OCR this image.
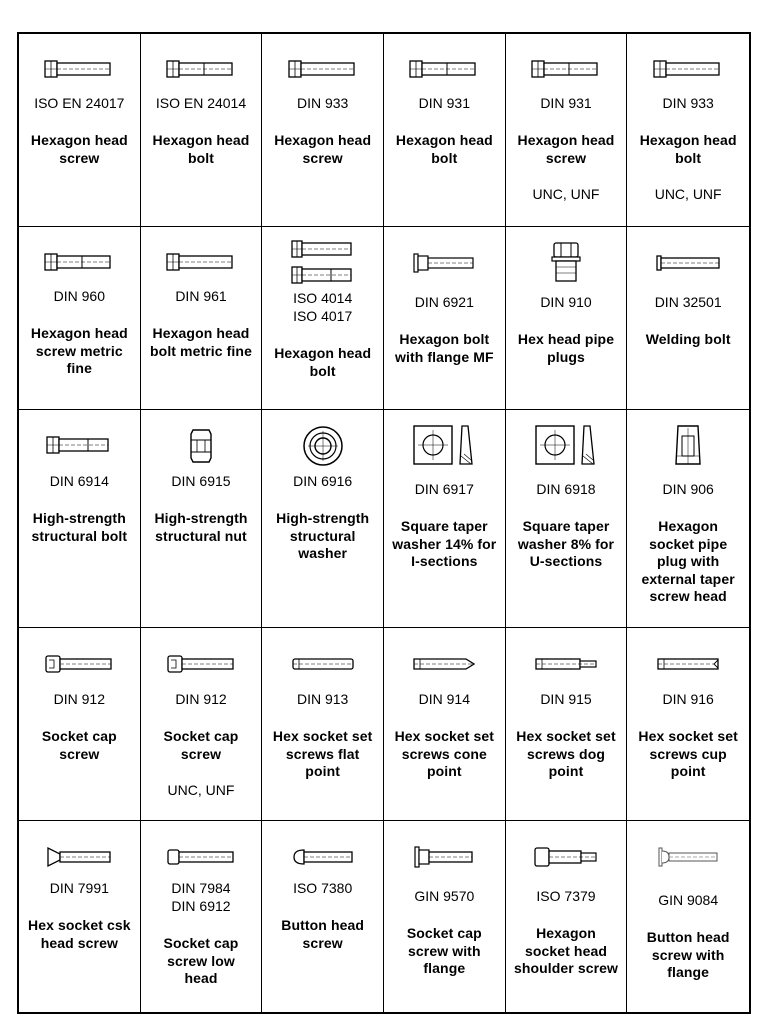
ISO EN 24017
Hexagon head
screw
ISO EN 24014
Hexagon head
bolt
DIN 933
Hexagon head
screw
DIN 931
Hexagon head
bolt
DIN 931
Hexagon head
screw
UNC, UNF
DIN 933
Hexagon head
bolt
UNC, UNF
DIN 960
Hexagon head
screw metric
fine
DIN 961
Hexagon head
bolt metric fine
ISO 4014
ISO 4017
Hexagon head
bolt
DIN 6921
Hexagon bolt
with flange MF
DIN 910
Hex head pipe
plugs
DIN 32501
Welding bolt
DIN 6914
High-strength
structural bolt
DIN 6915
High-strength
structural nut
DIN 6916
High-strength
structural
washer
DIN 6917
Square taper
washer 14% for
I-sections
DIN 6918
Square taper
washer 8% for
U-sections
DIN 906
Hexagon
socket pipe
plug with
external taper
screw head
DIN 912
Socket cap
screw
DIN 912
Socket cap
screw
UNC, UNF
DIN 913
Hex socket set
screws flat
point
DIN 914
Hex socket set
screws cone
point
DIN 915
Hex socket set
screws dog
point
DIN 916
Hex socket set
screws cup
point
DIN 7991
Hex socket csk
head screw
DIN 7984
DIN 6912
Socket cap
screw low
head
ISO 7380
Button head
screw
GIN 9570
Socket cap
screw with
flange
ISO 7379
Hexagon
socket head
shoulder screw
GIN 9084
Button head
screw with
flange
